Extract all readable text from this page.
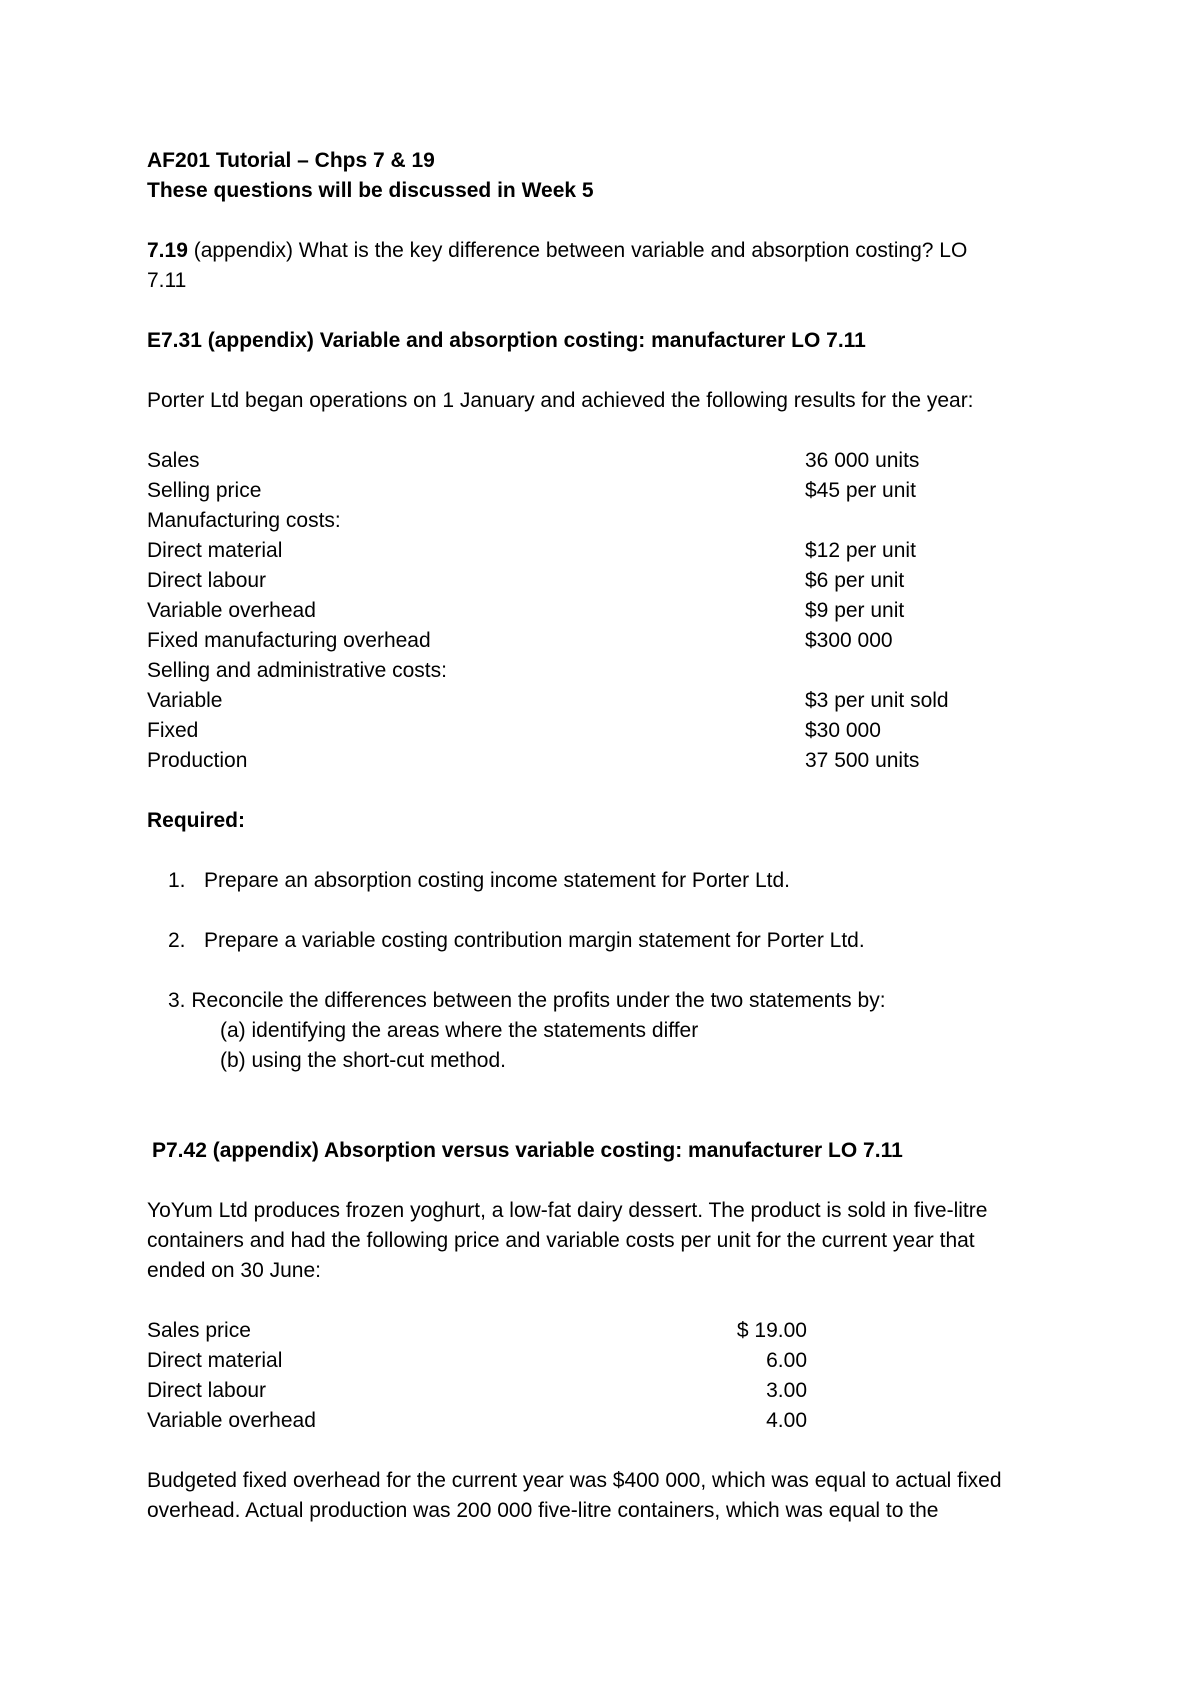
AF201 Tutorial – Chps 7 & 19
These questions will be discussed in Week 5
7.19 (appendix) What is the key difference between variable and absorption costing? LO
7.11
E7.31 (appendix) Variable and absorption costing: manufacturer LO 7.11
Porter Ltd began operations on 1 January and achieved the following results for the year:
Sales	36 000 units
Selling price	$45 per unit
Manufacturing costs:
Direct material	$12 per unit
Direct labour	$6 per unit
Variable overhead	$9 per unit
Fixed manufacturing overhead	$300 000
Selling and administrative costs:
Variable	$3 per unit sold
Fixed	$30 000
Production	37 500 units
Required:
1. Prepare an absorption costing income statement for Porter Ltd.
2. Prepare a variable costing contribution margin statement for Porter Ltd.
3. Reconcile the differences between the profits under the two statements by:
(a) identifying the areas where the statements differ
(b) using the short-cut method.
P7.42 (appendix) Absorption versus variable costing: manufacturer LO 7.11
YoYum Ltd produces frozen yoghurt, a low-fat dairy dessert. The product is sold in five-litre
containers and had the following price and variable costs per unit for the current year that
ended on 30 June:
Sales price	$ 19.00
Direct material	6.00
Direct labour	3.00
Variable overhead	4.00
Budgeted fixed overhead for the current year was $400 000, which was equal to actual fixed
overhead. Actual production was 200 000 five-litre containers, which was equal to the
